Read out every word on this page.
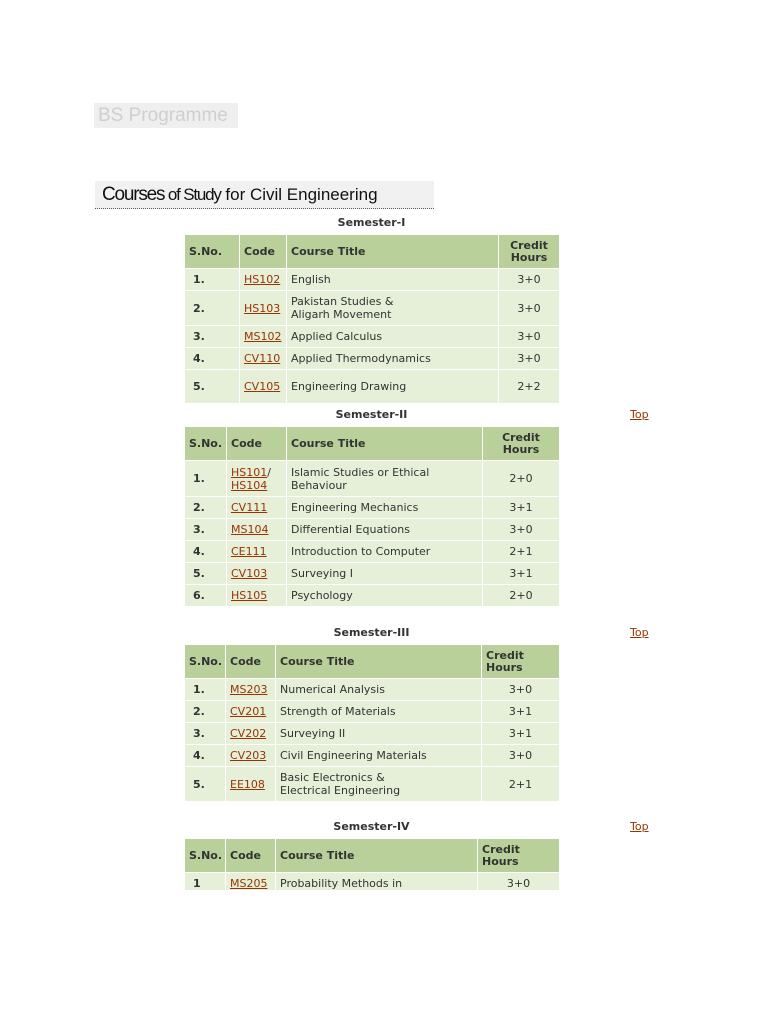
BS Programme
Courses of Study for Civil Engineering
Semester-I
S.No.	Code	Course Title	Credit
Hours
1.	HS102	English	3+0
2.	HS103	Pakistan Studies &
Aligarh Movement	3+0
3.	MS102	Applied Calculus	3+0
4.	CV110	Applied Thermodynamics	3+0
5.	CV105	Engineering Drawing	2+2
Semester-II	Top
S.No.	Code	Course Title	Credit
Hours
1.	HS101/
HS104	Islamic Studies or Ethical
Behaviour	2+0
2.	CV111	Engineering Mechanics	3+1
3.	MS104	Differential Equations	3+0
4.	CE111	Introduction to Computer	2+1
5.	CV103	Surveying I	3+1
6.	HS105	Psychology	2+0
Semester-III	Top
S.No.	Code	Course Title	Credit
Hours
1.	MS203	Numerical Analysis	3+0
2.	CV201	Strength of Materials	3+1
3.	CV202	Surveying II	3+1
4.	CV203	Civil Engineering Materials	3+0
5.	EE108	Basic Electronics &
Electrical Engineering	2+1
Semester-IV	Top
S.No.	Code	Course Title	Credit
Hours
1	MS205	Probability Methods in	3+0
